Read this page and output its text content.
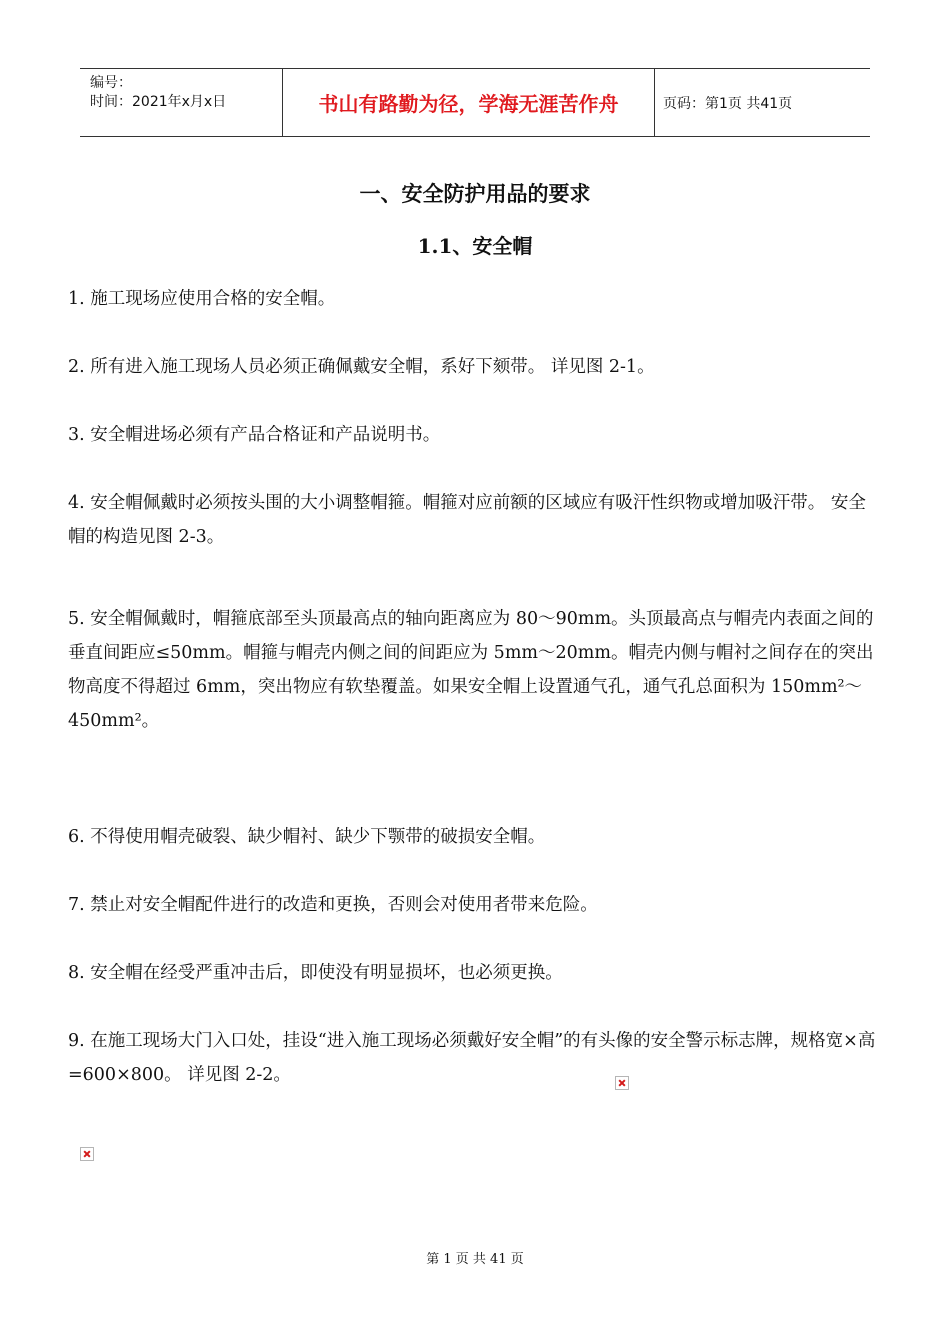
编号：
时间：2021年x月x日	书山有路勤为径，学海无涯苦作舟	页码：第1页 共41页
一、安全防护用品的要求
1.1、安全帽

1. 施工现场应使用合格的安全帽。

2. 所有进入施工现场人员必须正确佩戴安全帽，系好下颏带。 详见图 2-1。

3. 安全帽进场必须有产品合格证和产品说明书。

4. 安全帽佩戴时必须按头围的大小调整帽箍。帽箍对应前额的区域应有吸汗性织物或增加吸汗带。 安全帽的构造见图 2-3。

5. 安全帽佩戴时，帽箍底部至头顶最高点的轴向距离应为 80～90mm。头顶最高点与帽壳内表面之间的垂直间距应≤50mm。帽箍与帽壳内侧之间的间距应为 5mm～20mm。帽壳内侧与帽衬之间存在的突出物高度不得超过 6mm，突出物应有软垫覆盖。如果安全帽上设置通气孔，通气孔总面积为 150mm²～450mm²。

6. 不得使用帽壳破裂、缺少帽衬、缺少下颚带的破损安全帽。

7. 禁止对安全帽配件进行的改造和更换，否则会对使用者带来危险。

8. 安全帽在经受严重冲击后，即使没有明显损坏，也必须更换。

9. 在施工现场大门入口处，挂设“进入施工现场必须戴好安全帽”的有头像的安全警示标志牌，规格宽×高=600×800。 详见图 2-2。

第 1 页 共 41 页
